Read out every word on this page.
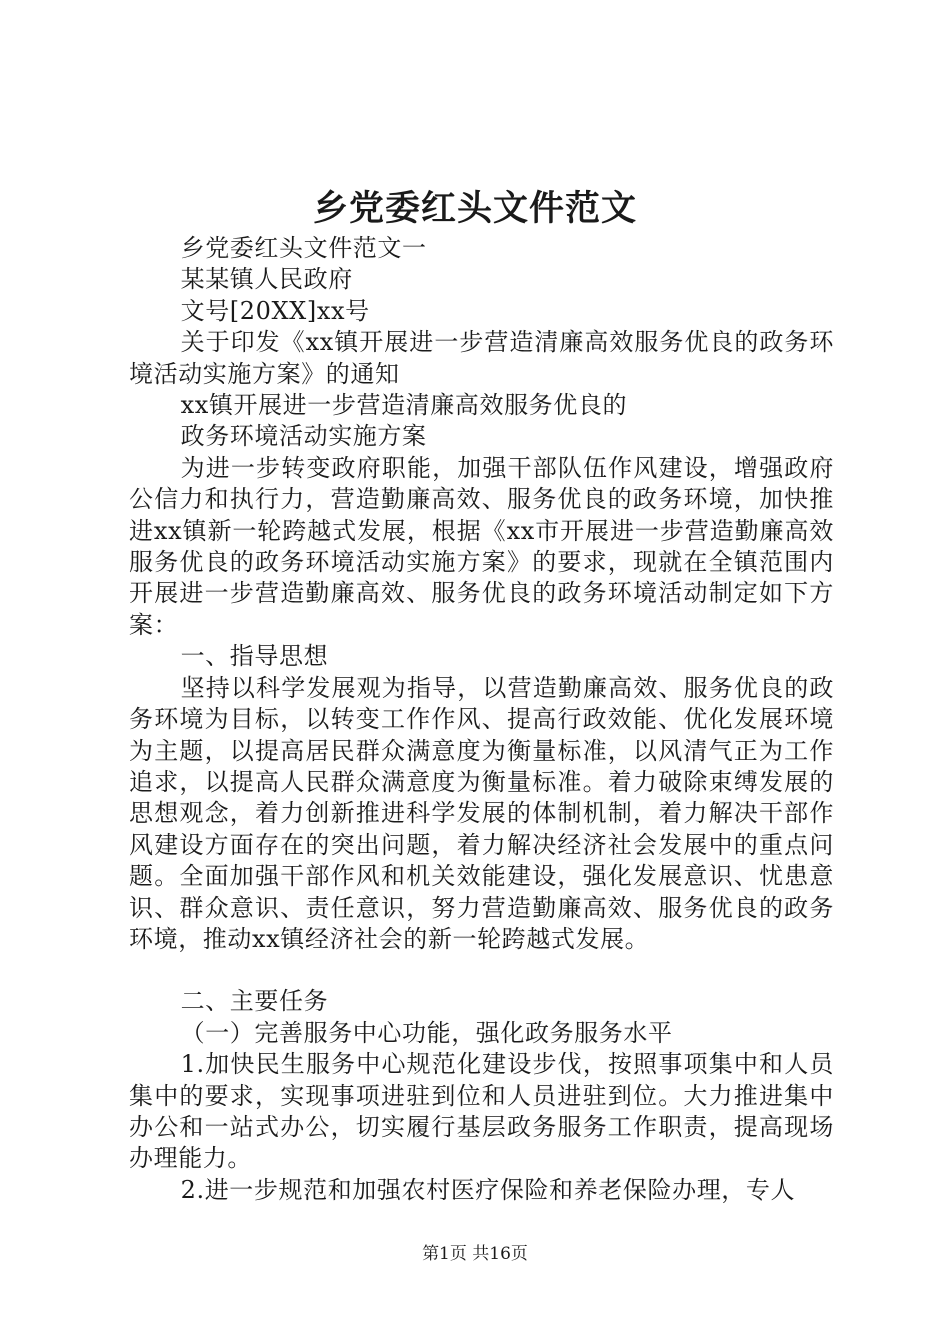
乡党委红头文件范文

乡党委红头文件范文一

某某镇人民政府

文号[20XX]xx号

关于印发《xx镇开展进一步营造清廉高效服务优良的政务环境活动实施方案》的通知

xx镇开展进一步营造清廉高效服务优良的

政务环境活动实施方案

为进一步转变政府职能，加强干部队伍作风建设，增强政府公信力和执行力，营造勤廉高效、服务优良的政务环境，加快推进xx镇新一轮跨越式发展，根据《xx市开展进一步营造勤廉高效服务优良的政务环境活动实施方案》的要求，现就在全镇范围内开展进一步营造勤廉高效、服务优良的政务环境活动制定如下方案：

一、指导思想

坚持以科学发展观为指导，以营造勤廉高效、服务优良的政务环境为目标，以转变工作作风、提高行政效能、优化发展环境为主题，以提高居民群众满意度为衡量标准，以风清气正为工作追求，以提高人民群众满意度为衡量标准。着力破除束缚发展的思想观念，着力创新推进科学发展的体制机制，着力解决干部作风建设方面存在的突出问题，着力解决经济社会发展中的重点问题。全面加强干部作风和机关效能建设，强化发展意识、忧患意识、群众意识、责任意识，努力营造勤廉高效、服务优良的政务环境，推动xx镇经济社会的新一轮跨越式发展。

二、主要任务

（一）完善服务中心功能，强化政务服务水平

1.加快民生服务中心规范化建设步伐，按照事项集中和人员集中的要求，实现事项进驻到位和人员进驻到位。大力推进集中办公和一站式办公，切实履行基层政务服务工作职责，提高现场办理能力。

2.进一步规范和加强农村医疗保险和养老保险办理，专人

第1页 共16页
